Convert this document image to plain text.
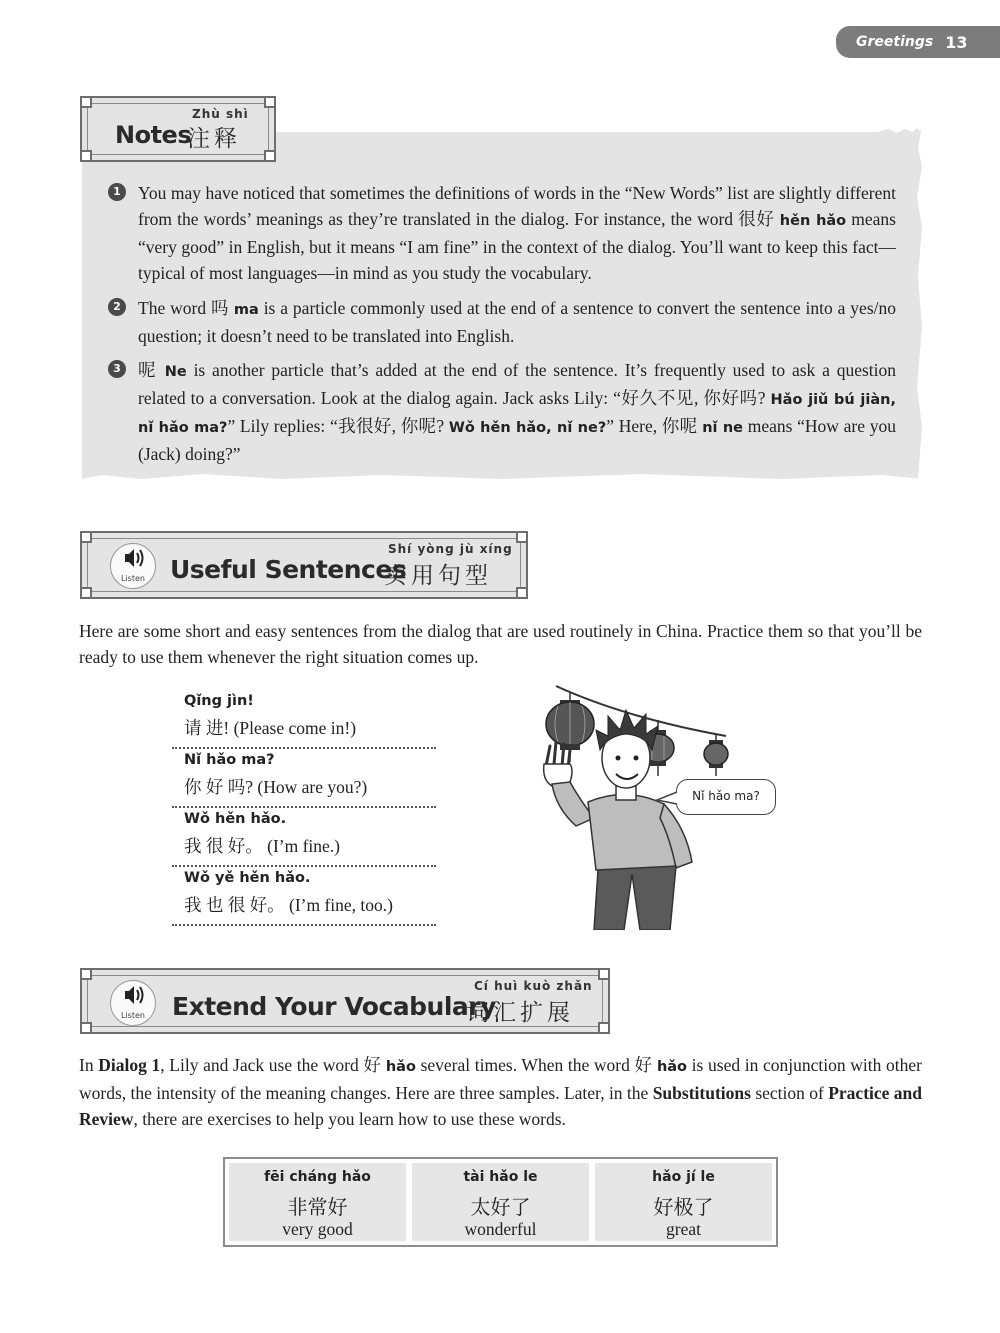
Greetings 13
Zhù shì
Notes
注释
1 You may have noticed that sometimes the definitions of words in the “New Words” list are slightly different from the words’ meanings as they’re translated in the dialog. For instance, the word 很好 hěn hǎo means “very good” in English, but it means “I am fine” in the context of the dialog. You’ll want to keep this fact—typical of most languages—in mind as you study the vocabulary.
2 The word 吗 ma is a particle commonly used at the end of a sentence to convert the sentence into a yes/no question; it doesn’t need to be translated into English.
3 呢 Ne is another particle that’s added at the end of the sentence. It’s frequently used to ask a question related to a conversation. Look at the dialog again. Jack asks Lily: “好久不见, 你好吗? Hǎo jiǔ bú jiàn, nǐ hǎo ma?” Lily replies: “我很好, 你呢? Wǒ hěn hǎo, nǐ ne?” Here, 你呢 nǐ ne means “How are you (Jack) doing?”
Listen	Useful Sentences
Shí yòng jù xíng
实用句型
Here are some short and easy sentences from the dialog that are used routinely in China. Practice them so that you’ll be ready to use them whenever the right situation comes up.
Qǐng jìn!
请 进! (Please come in!)
Nǐ hǎo ma?
你 好 吗? (How are you?)
Wǒ hěn hǎo.
我 很 好。 (I’m fine.)
Wǒ yě hěn hǎo.
我 也 很 好。 (I’m fine, too.)
Nǐ hǎo ma?
Listen	Extend Your Vocabulary
Cí huì kuò zhǎn
词汇扩展
In Dialog 1, Lily and Jack use the word 好 hǎo several times. When the word 好 hǎo is used in conjunction with other words, the intensity of the meaning changes. Here are three samples. Later, in the Substitutions section of Practice and Review, there are exercises to help you learn how to use these words.
fēi cháng hǎo
非常好
very good
tài hǎo le
太好了
wonderful
hǎo jí le
好极了
great
